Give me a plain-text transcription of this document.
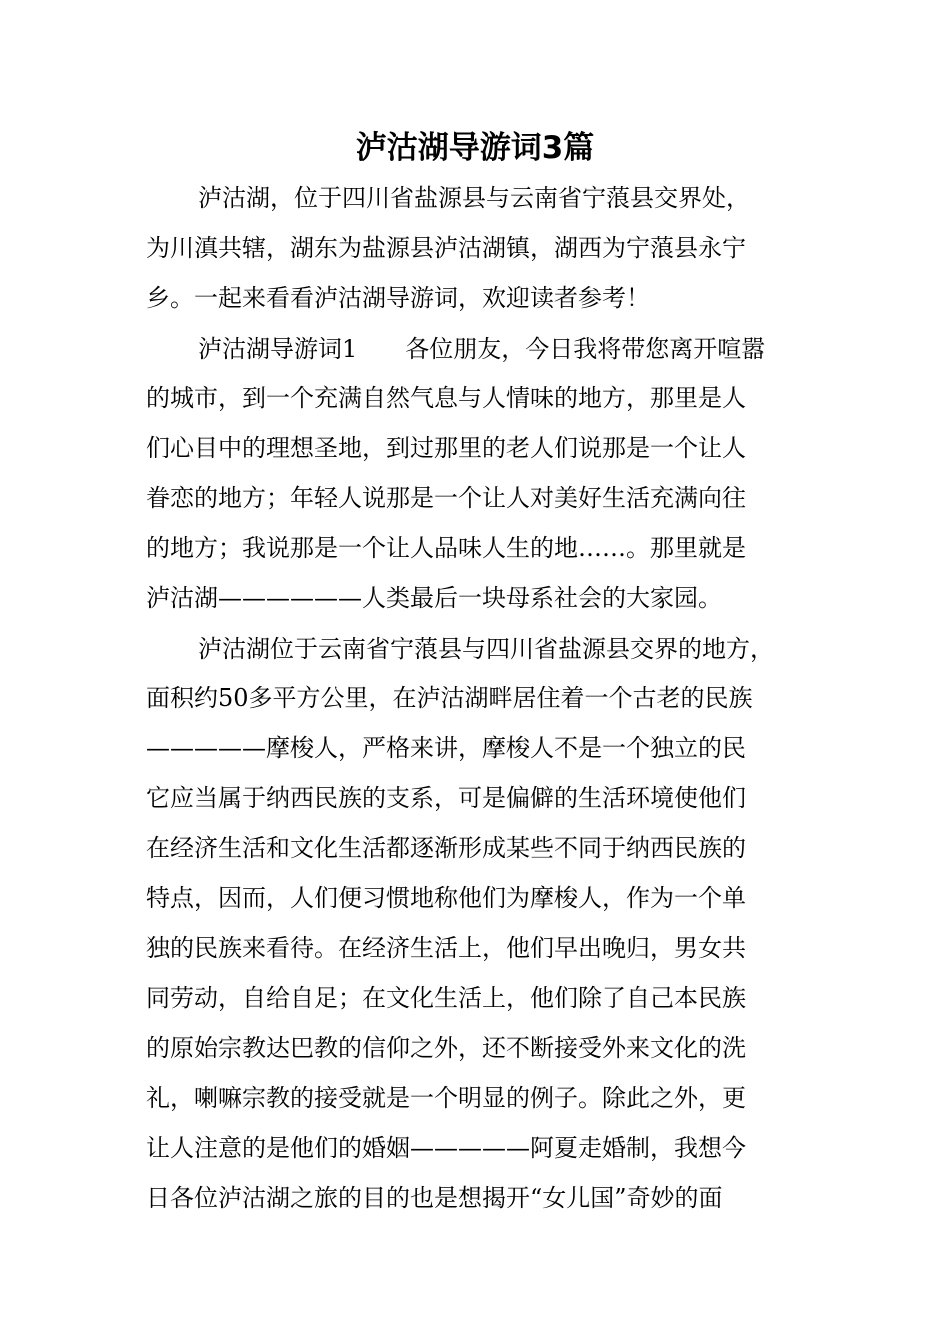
泸沽湖导游词3篇

泸沽湖，位于四川省盐源县与云南省宁蒗县交界处，

为川滇共辖，湖东为盐源县泸沽湖镇，湖西为宁蒗县永宁

乡。一起来看看泸沽湖导游词，欢迎读者参考！

泸沽湖导游词1　　各位朋友，今日我将带您离开喧嚣

的城市，到一个充满自然气息与人情味的地方，那里是人

们心目中的理想圣地，到过那里的老人们说那是一个让人

眷恋的地方；年轻人说那是一个让人对美好生活充满向往

的地方；我说那是一个让人品味人生的地……。那里就是

泸沽湖——————人类最后一块母系社会的大家园。

泸沽湖位于云南省宁蒗县与四川省盐源县交界的地方，

面积约50多平方公里，在泸沽湖畔居住着一个古老的民族

—————摩梭人，严格来讲，摩梭人不是一个独立的民

它应当属于纳西民族的支系，可是偏僻的生活环境使他们

在经济生活和文化生活都逐渐形成某些不同于纳西民族的

特点，因而，人们便习惯地称他们为摩梭人，作为一个单

独的民族来看待。在经济生活上，他们早出晚归，男女共

同劳动，自给自足；在文化生活上，他们除了自己本民族

的原始宗教达巴教的信仰之外，还不断接受外来文化的洗

礼，喇嘛宗教的接受就是一个明显的例子。除此之外，更

让人注意的是他们的婚姻—————阿夏走婚制，我想今

日各位泸沽湖之旅的目的也是想揭开“女儿国”奇妙的面
